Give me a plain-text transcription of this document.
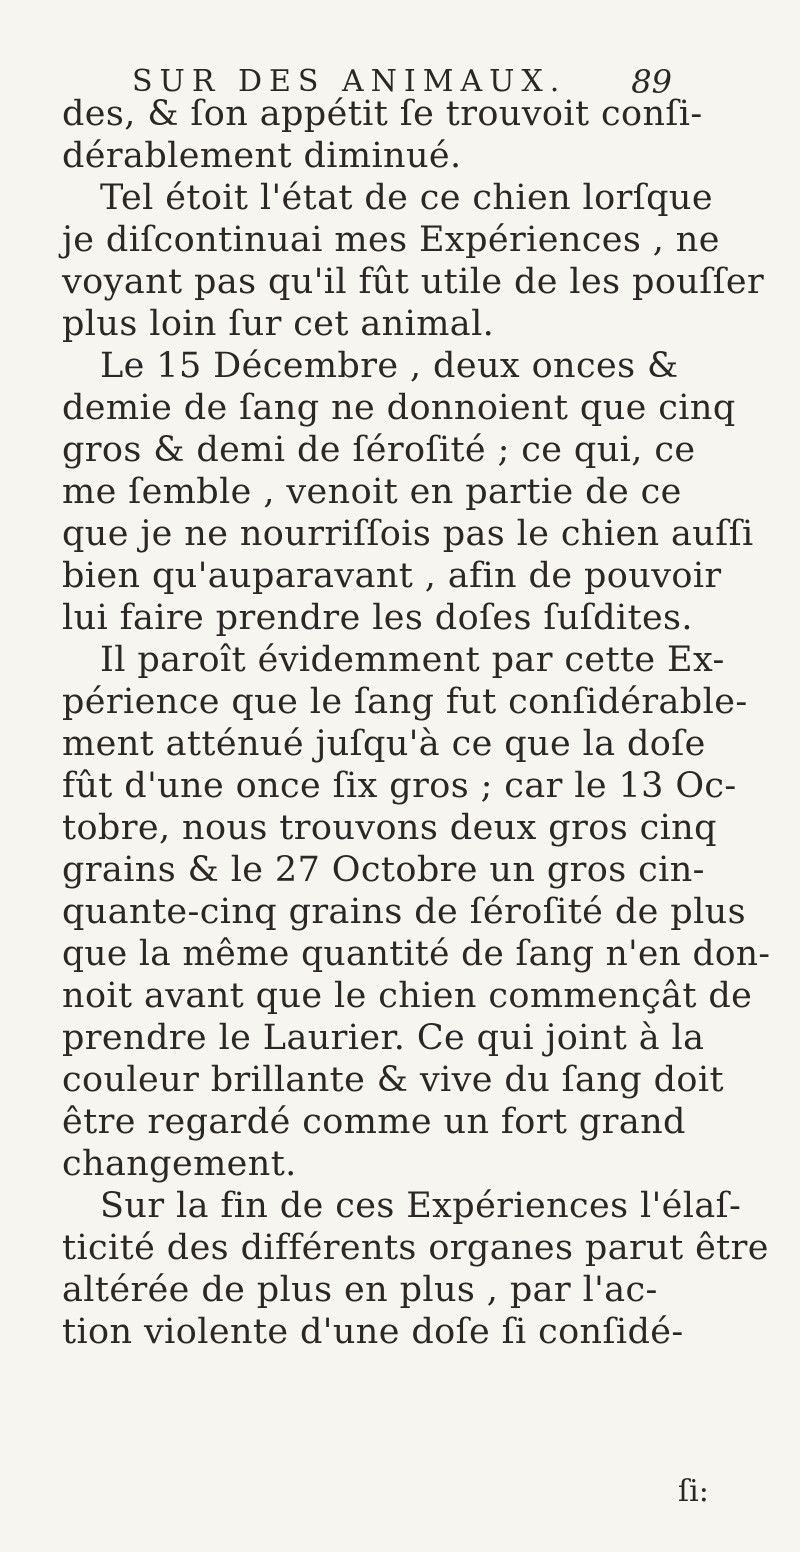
SUR DES ANIMAUX. 89
des, & ſon appétit ſe trouvoit conſi-
dérablement diminué.
Tel étoit l'état de ce chien lorſque
je diſcontinuai mes Expériences , ne
voyant pas qu'il fût utile de les pouſſer
plus loin ſur cet animal.
Le 15 Décembre , deux onces &
demie de ſang ne donnoient que cinq
gros & demi de ſéroſité ; ce qui, ce
me ſemble , venoit en partie de ce
que je ne nourriſſois pas le chien auſſi
bien qu'auparavant , afin de pouvoir
lui faire prendre les doſes ſuſdites.
Il paroît évidemment par cette Ex-
périence que le ſang fut conſidérable-
ment atténué juſqu'à ce que la doſe
fût d'une once ſix gros ; car le 13 Oc-
tobre, nous trouvons deux gros cinq
grains & le 27 Octobre un gros cin-
quante-cinq grains de ſéroſité de plus
que la même quantité de ſang n'en don-
noit avant que le chien commençât de
prendre le Laurier. Ce qui joint à la
couleur brillante & vive du ſang doit
être regardé comme un fort grand
changement.
Sur la fin de ces Expériences l'élaſ-
ticité des différents organes parut être
altérée de plus en plus , par l'ac-
tion violente d'une doſe ſi conſidé-
ſi:
